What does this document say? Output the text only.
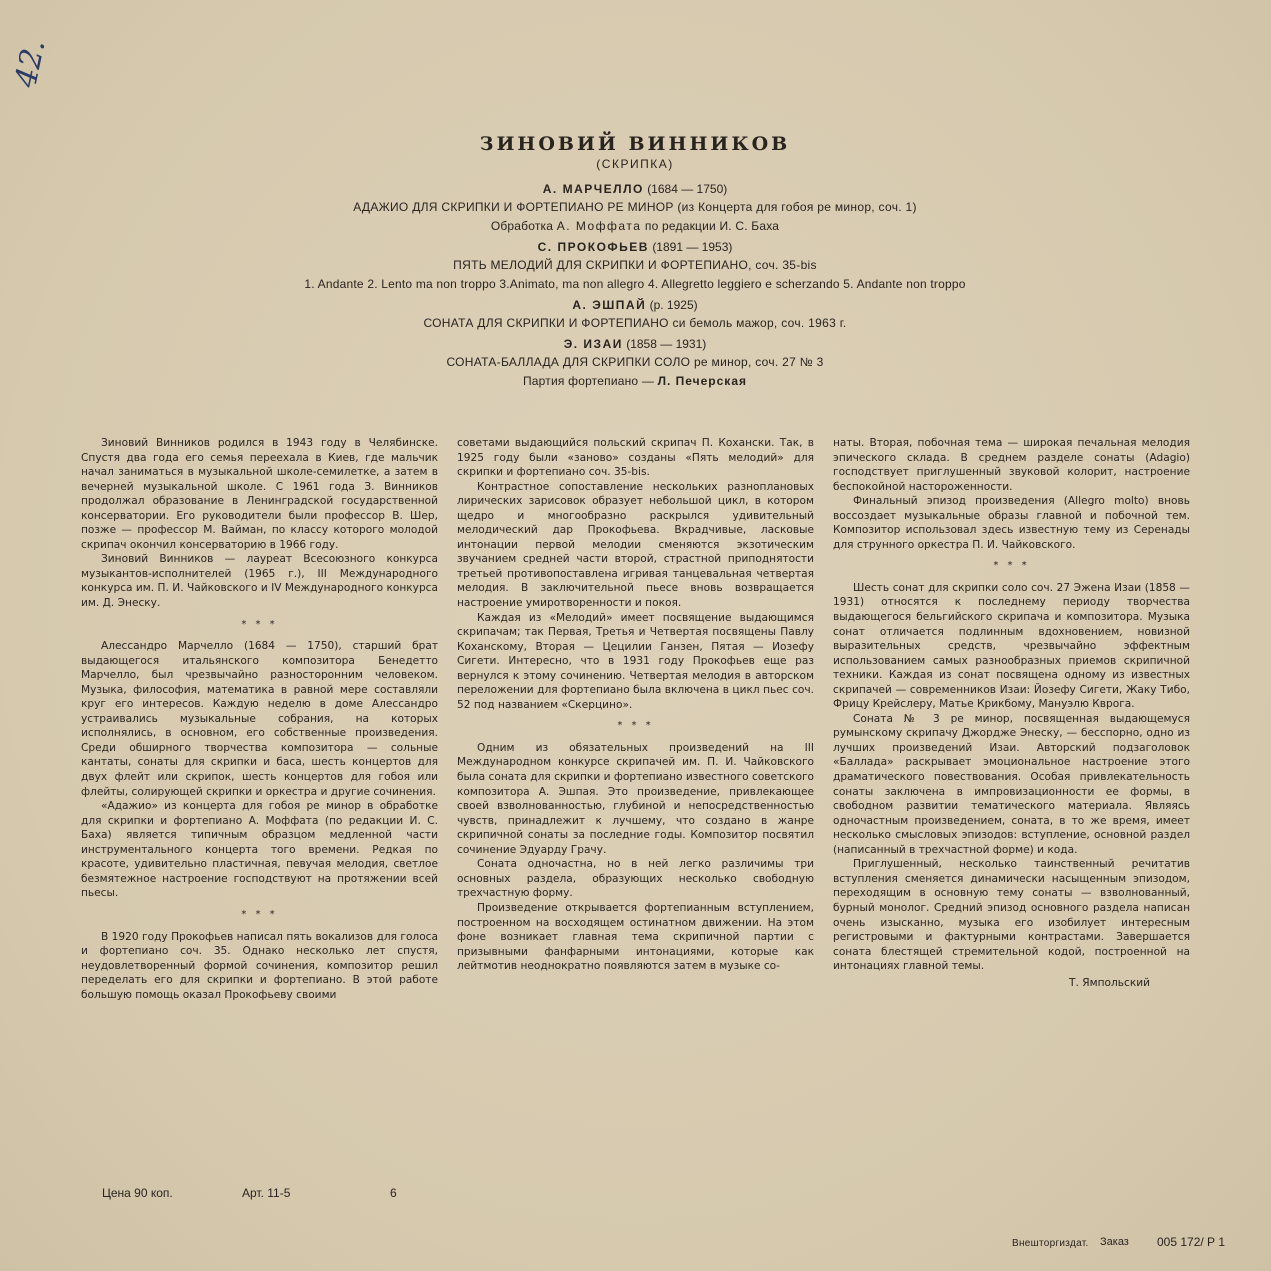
42.
ЗИНОВИЙ ВИННИКОВ
(СКРИПКА)
А. МАРЧЕЛЛО (1684 — 1750)
АДАЖИО ДЛЯ СКРИПКИ И ФОРТЕПИАНО РЕ МИНОР (из Концерта для гобоя ре минор, соч. 1)
Обработка А. Моффата по редакции И. С. Баха
С. ПРОКОФЬЕВ (1891 — 1953)
ПЯТЬ МЕЛОДИЙ ДЛЯ СКРИПКИ И ФОРТЕПИАНО, соч. 35-bis
1. Andante 2. Lento ma non troppo 3.Animato, ma non allegro 4. Allegretto leggiero e scherzando 5. Andante non troppo
А. ЭШПАЙ (р. 1925)
СОНАТА ДЛЯ СКРИПКИ И ФОРТЕПИАНО си бемоль мажор, соч. 1963 г.
Э. ИЗАИ (1858 — 1931)
СОНАТА-БАЛЛАДА ДЛЯ СКРИПКИ СОЛО ре минор, соч. 27 № 3
Партия фортепиано — Л. Печерская

Зиновий Винников родился в 1943 году в Челябинске. Спустя два года его семья переехала в Киев, где мальчик начал заниматься в музыкальной школе-семилетке, а затем в вечерней музыкальной школе. С 1961 года З. Винников продолжал образование в Ленинградской государственной консерватории. Его руководители были профессор В. Шер, позже — профессор М. Вайман, по классу которого молодой скрипач окончил консерваторию в 1966 году.

Зиновий Винников — лауреат Всесоюзного конкурса музыкантов-исполнителей (1965 г.), III Международного конкурса им. П. И. Чайковского и IV Международного конкурса им. Д. Энеску.

* * *

Алессандро Марчелло (1684 — 1750), старший брат выдающегося итальянского композитора Бенедетто Марчелло, был чрезвычайно разносторонним человеком. Музыка, философия, математика в равной мере составляли круг его интересов. Каждую неделю в доме Алессандро устраивались музыкальные собрания, на которых исполнялись, в основном, его собственные произведения. Среди обширного творчества композитора — сольные кантаты, сонаты для скрипки и баса, шесть концертов для двух флейт или скрипок, шесть концертов для гобоя или флейты, солирующей скрипки и оркестра и другие сочинения.

«Адажио» из концерта для гобоя ре минор в обработке для скрипки и фортепиано А. Моффата (по редакции И. С. Баха) является типичным образцом медленной части инструментального концерта того времени. Редкая по красоте, удивительно пластичная, певучая мелодия, светлое безмятежное настроение господствуют на протяжении всей пьесы.

* * *

В 1920 году Прокофьев написал пять вокализов для голоса и фортепиано соч. 35. Однако несколько лет спустя, неудовлетворенный формой сочинения, композитор решил переделать его для скрипки и фортепиано. В этой работе большую помощь оказал Прокофьеву своими

советами выдающийся польский скрипач П. Кохански. Так, в 1925 году были «заново» созданы «Пять мелодий» для скрипки и фортепиано соч. 35-bis.

Контрастное сопоставление нескольких разноплановых лирических зарисовок образует небольшой цикл, в котором щедро и многообразно раскрылся удивительный мелодический дар Прокофьева. Вкрадчивые, ласковые интонации первой мелодии сменяются экзотическим звучанием средней части второй, страстной приподнятости третьей противопоставлена игривая танцевальная четвертая мелодия. В заключительной пьесе вновь возвращается настроение умиротворенности и покоя.

Каждая из «Мелодий» имеет посвящение выдающимся скрипачам; так Первая, Третья и Четвертая посвящены Павлу Коханскому, Вторая — Цецилии Ганзен, Пятая — Иозефу Сигети. Интересно, что в 1931 году Прокофьев еще раз вернулся к этому сочинению. Четвертая мелодия в авторском переложении для фортепиано была включена в цикл пьес соч. 52 под названием «Скерцино».

* * *

Одним из обязательных произведений на III Международном конкурсе скрипачей им. П. И. Чайковского была соната для скрипки и фортепиано известного советского композитора А. Эшпая. Это произведение, привлекающее своей взволнованностью, глубиной и непосредственностью чувств, принадлежит к лучшему, что создано в жанре скрипичной сонаты за последние годы. Композитор посвятил сочинение Эдуарду Грачу.

Соната одночастна, но в ней легко различимы три основных раздела, образующих несколько свободную трехчастную форму.

Произведение открывается фортепианным вступлением, построенном на восходящем остинатном движении. На этом фоне возникает главная тема скрипичной партии с призывными фанфарными интонациями, которые как лейтмотив неоднократно появляются затем в музыке со-

наты. Вторая, побочная тема — широкая печальная мелодия эпического склада. В среднем разделе сонаты (Adagio) господствует приглушенный звуковой колорит, настроение беспокойной настороженности.

Финальный эпизод произведения (Allegro molto) вновь воссоздает музыкальные образы главной и побочной тем. Композитор использовал здесь известную тему из Серенады для струнного оркестра П. И. Чайковского.

* * *

Шесть сонат для скрипки соло соч. 27 Эжена Изаи (1858 — 1931) относятся к последнему периоду творчества выдающегося бельгийского скрипача и композитора. Музыка сонат отличается подлинным вдохновением, новизной выразительных средств, чрезвычайно эффектным использованием самых разнообразных приемов скрипичной техники. Каждая из сонат посвящена одному из известных скрипачей — современников Изаи: Йозефу Сигети, Жаку Тибо, Фрицу Крейслеру, Матье Крикбому, Мануэлю Кврога.

Соната № 3 ре минор, посвященная выдающемуся румынскому скрипачу Джордже Энеску, — бесспорно, одно из лучших произведений Изаи. Авторский подзаголовок «Баллада» раскрывает эмоциональное настроение этого драматического повествования. Особая привлекательность сонаты заключена в импровизационности ее формы, в свободном развитии тематического материала. Являясь одночастным произведением, соната, в то же время, имеет несколько смысловых эпизодов: вступление, основной раздел (написанный в трехчастной форме) и кода.

Приглушенный, несколько таинственный речитатив вступления сменяется динамически насыщенным эпизодом, переходящим в основную тему сонаты — взволнованный, бурный монолог. Средний эпизод основного раздела написан очень изысканно, музыка его изобилует интересным регистровыми и фактурными контрастами. Завершается соната блестящей стремительной кодой, построенной на интонациях главной темы.

Т. Ямпольский
Цена 90 коп.	Арт. 11-5	6
Внешторгиздат. Заказ 005 172/ Р 1
